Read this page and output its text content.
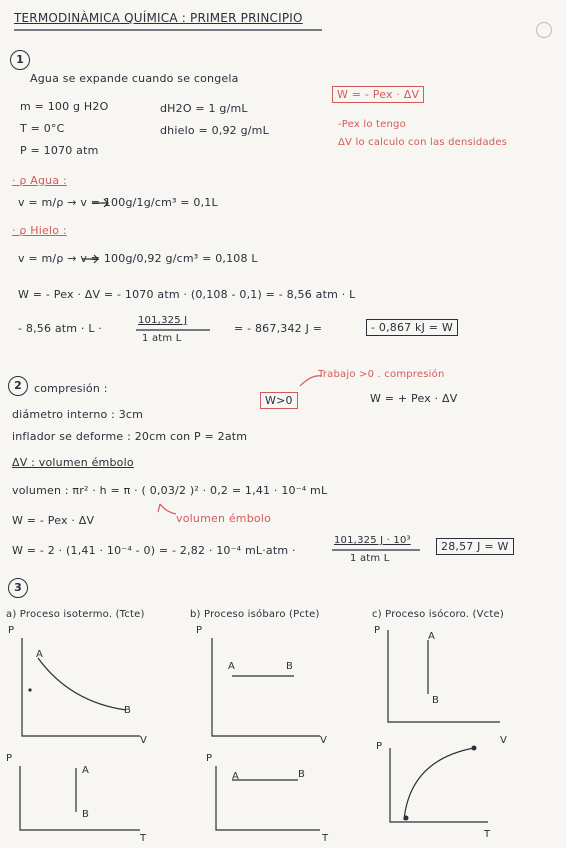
TERMODINÀMICA QUÍMICA : PRIMER PRINCIPIO
1
Agua se expande cuando se congela
m = 100 g H2O
T = 0°C
P = 1070 atm
dH2O = 1 g/mL
dhielo = 0,92 g/mL
W = - Pex · ΔV
-Pex lo tengo
ΔV lo calculo con las densidades
· ρ Agua :
v = m/ρ → v = 100g/1g/cm³ = 0,1L
· ρ Hielo :
v = m/ρ → v = 100g/0,92 g/cm³ = 0,108 L
W = - Pex · ΔV = - 1070 atm · (0,108 - 0,1) = - 8,56 atm · L
- 8,56 atm · L ·
101,325 J
1 atm L
= - 867,342 J =	- 0,867 kJ = W
2	compresión :
W>0
Trabajo >0 . compresión
W = + Pex · ΔV
diámetro interno : 3cm
inflador se deforme : 20cm con P = 2atm
ΔV : volumen émbolo
volumen : πr² · h = π · ( 0,03/2 )² · 0,2 = 1,41 · 10⁻⁴ mL
W = - Pex · ΔV	volumen émbolo
W = - 2 · (1,41 · 10⁻⁴ - 0) = - 2,82 · 10⁻⁴ mL·atm ·
101,325 J · 10³
1 atm L
28,57 J = W
3
a) Proceso isotermo. (Tcte)	b) Proceso isóbaro (Pcte)	c) Proceso isócoro. (Vcte)
P
V
P
V
P
V
P
T
P
T
P
T
A
B
A	B
A
B
A
B
A	B
